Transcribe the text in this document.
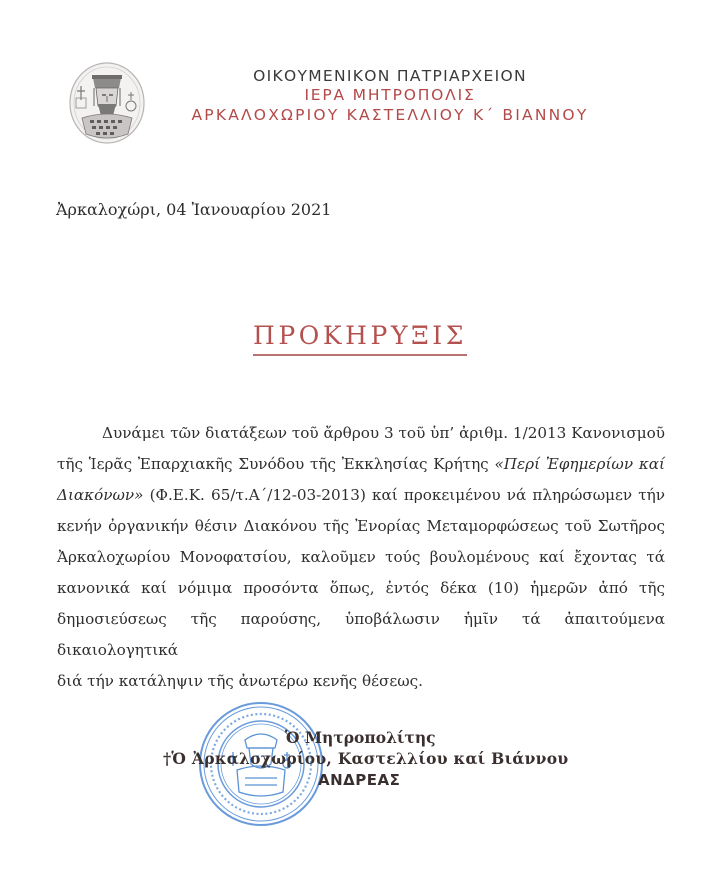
ΟΙΚΟΥΜΕΝΙΚΟΝ ΠΑΤΡΙΑΡΧΕΙΟΝ
ΙΕΡΑ ΜΗΤΡΟΠΟΛΙΣ
ΑΡΚΑΛΟΧΩΡΙΟΥ ΚΑΣΤΕΛΛΙΟΥ Κ΄ ΒΙΑΝΝΟΥ
Ἀρκαλοχώρι, 04 Ἰανουαρίου 2021
ΠΡΟΚΗΡΥΞΙΣ
Δυνάμει τῶν διατάξεων τοῦ ἄρθρου 3 τοῦ ὑπ’ ἀριθμ. 1/2013 Κανονισμοῦ
τῆς Ἱερᾶς Ἐπαρχιακῆς Συνόδου τῆς Ἐκκλησίας Κρήτης «Περί Ἐφημερίων καί
Διακόνων» (Φ.Ε.Κ. 65/τ.Α΄/12-03-2013) καί προκειμένου νά πληρώσωμεν τήν
κενήν ὀργανικήν θέσιν Διακόνου τῆς Ἐνορίας Μεταμορφώσεως τοῦ Σωτῆρος
Ἀρκαλοχωρίου Μονοφατσίου, καλοῦμεν τούς βουλομένους καί ἔχοντας τά
κανονικά καί νόμιμα προσόντα ὅπως, ἐντός δέκα (10) ἡμερῶν ἀπό τῆς
δημοσιεύσεως τῆς παρούσης, ὑποβάλωσιν ἡμῖν τά ἀπαιτούμενα δικαιολογητικά
διά τήν κατάληψιν τῆς ἀνωτέρω κενῆς θέσεως.
Ὁ Μητροπολίτης
†Ὁ Ἀρκαλοχωρίου, Καστελλίου καί Βιάννου
ΑΝΔΡΕΑΣ
